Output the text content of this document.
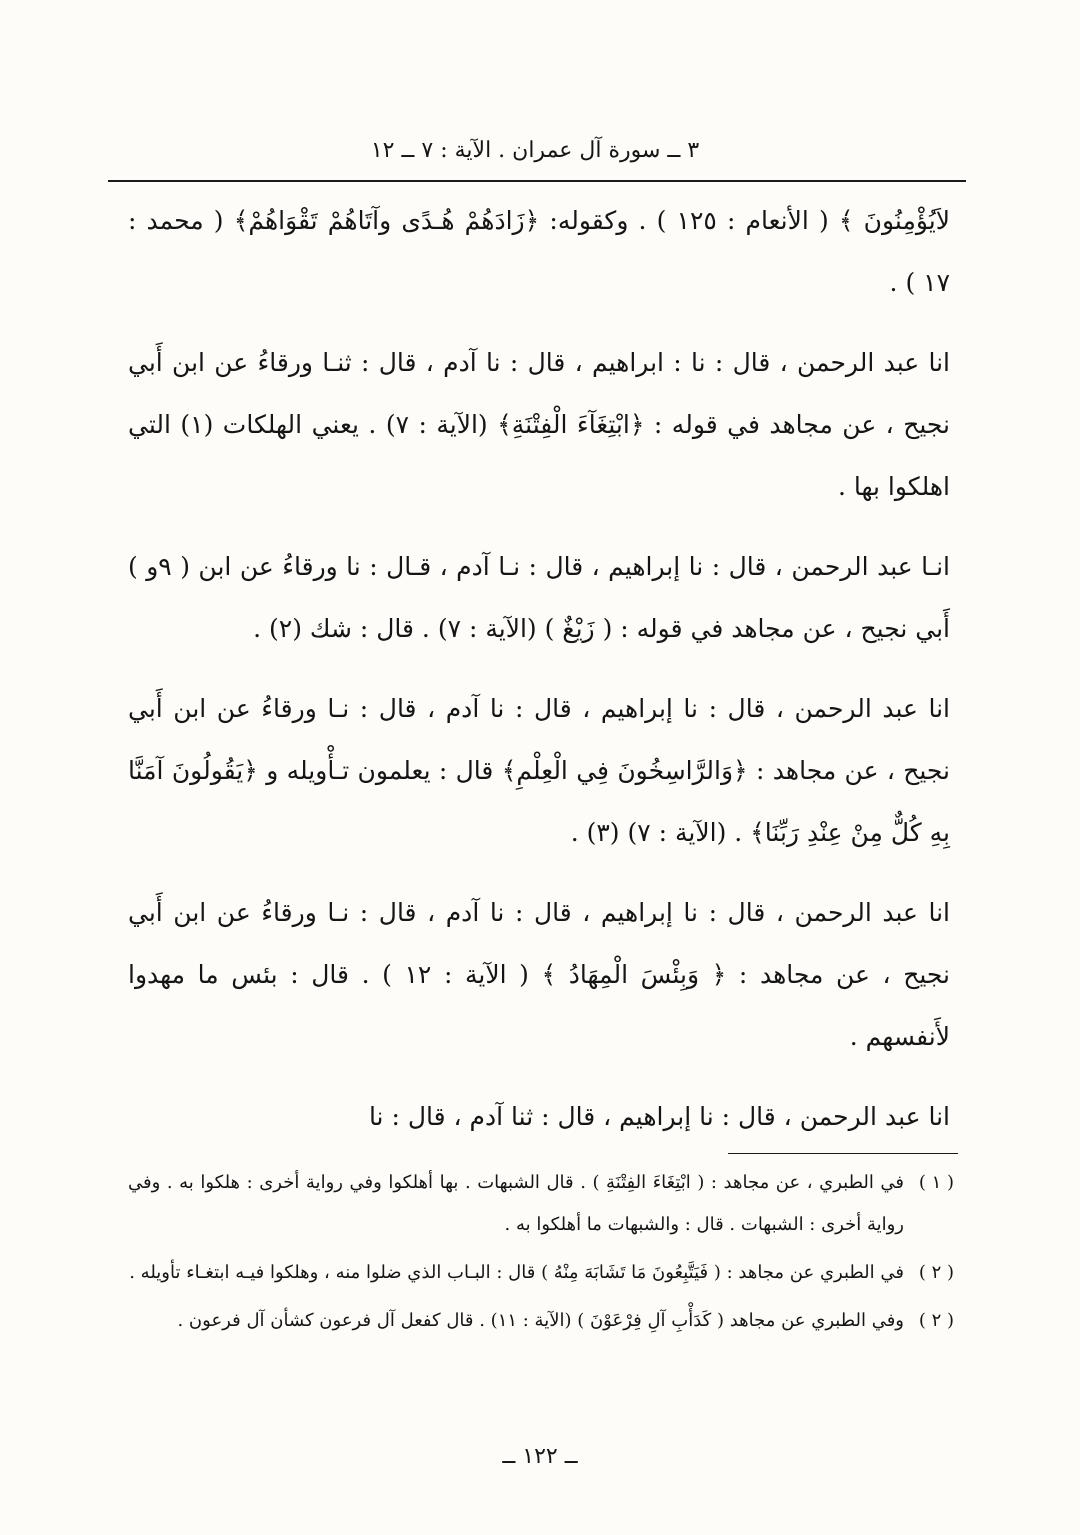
٣ ــ سورة آل عمران . الآية : ٧ ــ ١٢

لاَيُؤْمِنُونَ ﴾ ( الأنعام : ١٢٥ ) . وكقوله: ﴿زَادَهُمْ هُـدًى وآتَاهُمْ تَقْوَاهُمْ﴾ ( محمد : ١٧ ) .

انا عبد الرحمن ، قال : نا : ابراهيم ، قال : نا آدم ، قال : ثنـا ورقاءُ عن ابن أَبي نجيح ، عن مجاهد في قوله : ﴿ابْتِغَآءَ الْفِتْنَةِ﴾ (الآية : ٧) . يعني الهلكات (١) التي اهلكوا بها .

انـا عبد الرحمن ، قال : نا إبراهيم ، قال : نـا آدم ، قـال : نا ورقاءُ عن ابن ( ٩و ) أَبي نجيح ، عن مجاهد في قوله : ( زَيْغٌ ) (الآية : ٧) . قال : شك (٢) .

انا عبد الرحمن ، قال : نا إبراهيم ، قال : نا آدم ، قال : نـا ورقاءُ عن ابن أَبي نجيح ، عن مجاهد : ﴿وَالرَّاسِخُونَ فِي الْعِلْمِ﴾ قال : يعلمون تـأْويله و ﴿يَقُولُونَ آمَنَّا بِهِ كُلٌّ مِنْ عِنْدِ رَبِّنَا﴾ . (الآية : ٧) (٣) .

انا عبد الرحمن ، قال : نا إبراهيم ، قال : نا آدم ، قال : نـا ورقاءُ عن ابن أَبي نجيح ، عن مجاهد : ﴿ وَبِئْسَ الْمِهَادُ ﴾ ( الآية : ١٢ ) . قال : بئس ما مهدوا لأَنفسهم .

انا عبد الرحمن ، قال : نا إبراهيم ، قال : ثنا آدم ، قال : نا

( ١ )
في الطبري ، عن مجاهد : ( ابْتِغَاءَ الفِتْنَةِ ) . قال الشبهات . بها أهلكوا وفي رواية أخرى : هلكوا به . وفي رواية أخرى : الشبهات . قال : والشبهات ما أهلكوا به .
( ٢ )
في الطبري عن مجاهد : ( فَيَتَّبِعُونَ مَا تَشَابَهَ مِنْهُ ) قال : البـاب الذي ضلوا منه ، وهلكوا فيـه ابتغـاء تأويله .
( ٢ )
وفي الطبري عن مجاهد ( كَدَأْبِ آلِ فِرْعَوْنَ ) (الآية : ١١) . قال كفعل آل فرعون كشأن آل فرعون .
ــ ١٢٢ ــ
